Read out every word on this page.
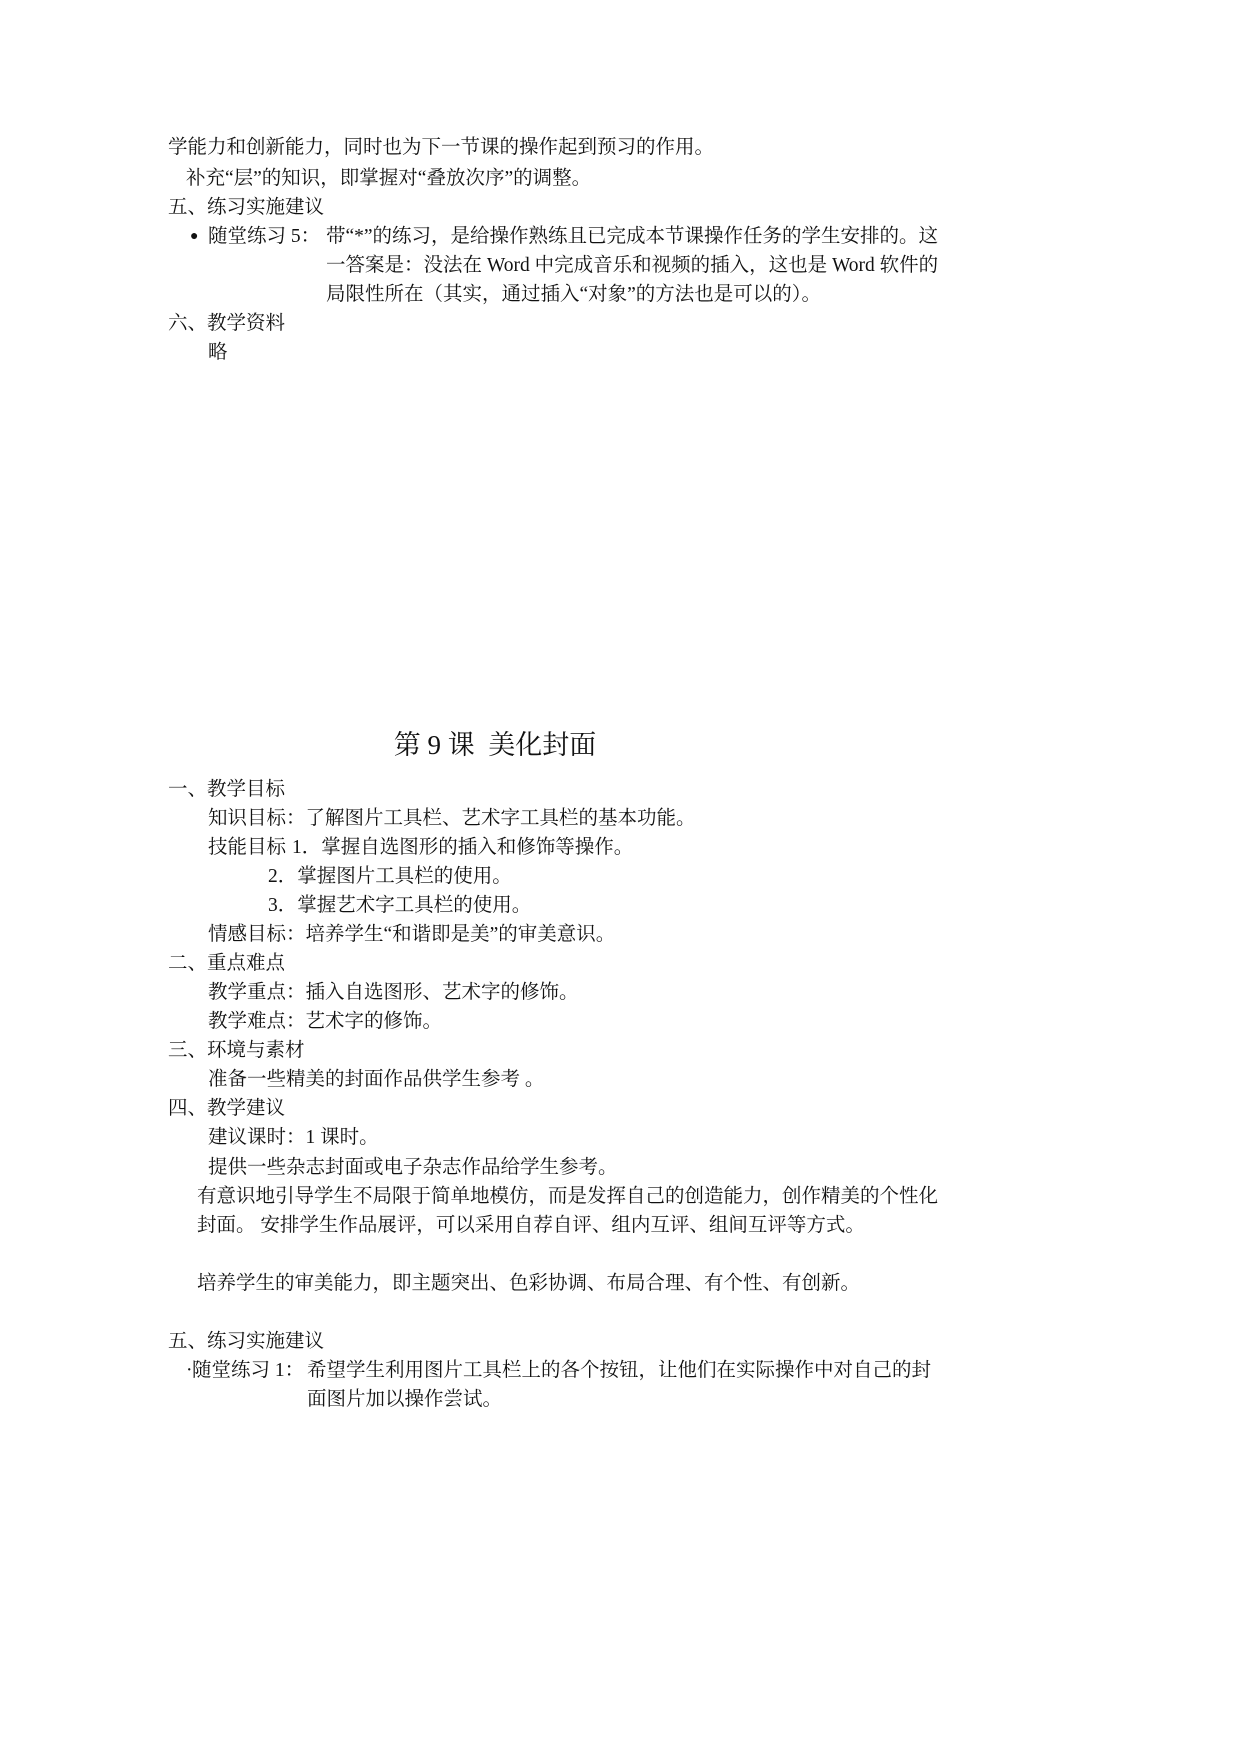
学能力和创新能力，同时也为下一节课的操作起到预习的作用。
补充“层”的知识，即掌握对“叠放次序”的调整。
五、练习实施建议
● 随堂练习 5： 带“*”的练习，是给操作熟练且已完成本节课操作任务的学生安排的。这
一答案是：没法在 Word 中完成音乐和视频的插入，这也是 Word 软件的
局限性所在（其实，通过插入“对象”的方法也是可以的）。
六、教学资料
略
第 9 课  美化封面
一、教学目标
知识目标：了解图片工具栏、艺术字工具栏的基本功能。
技能目标 1．掌握自选图形的插入和修饰等操作。
2．掌握图片工具栏的使用。
3．掌握艺术字工具栏的使用。
情感目标：培养学生“和谐即是美”的审美意识。
二、重点难点
教学重点：插入自选图形、艺术字的修饰。
教学难点：艺术字的修饰。
三、环境与素材
准备一些精美的封面作品供学生参考 。
四、教学建议
建议课时：1 课时。
提供一些杂志封面或电子杂志作品给学生参考。
有意识地引导学生不局限于简单地模仿，而是发挥自己的创造能力，创作精美的个性化
封面。 安排学生作品展评，可以采用自荐自评、组内互评、组间互评等方式。
培养学生的审美能力，即主题突出、色彩协调、布局合理、有个性、有创新。
五、练习实施建议
· 随堂练习 1： 希望学生利用图片工具栏上的各个按钮，让他们在实际操作中对自己的封
面图片加以操作尝试。
